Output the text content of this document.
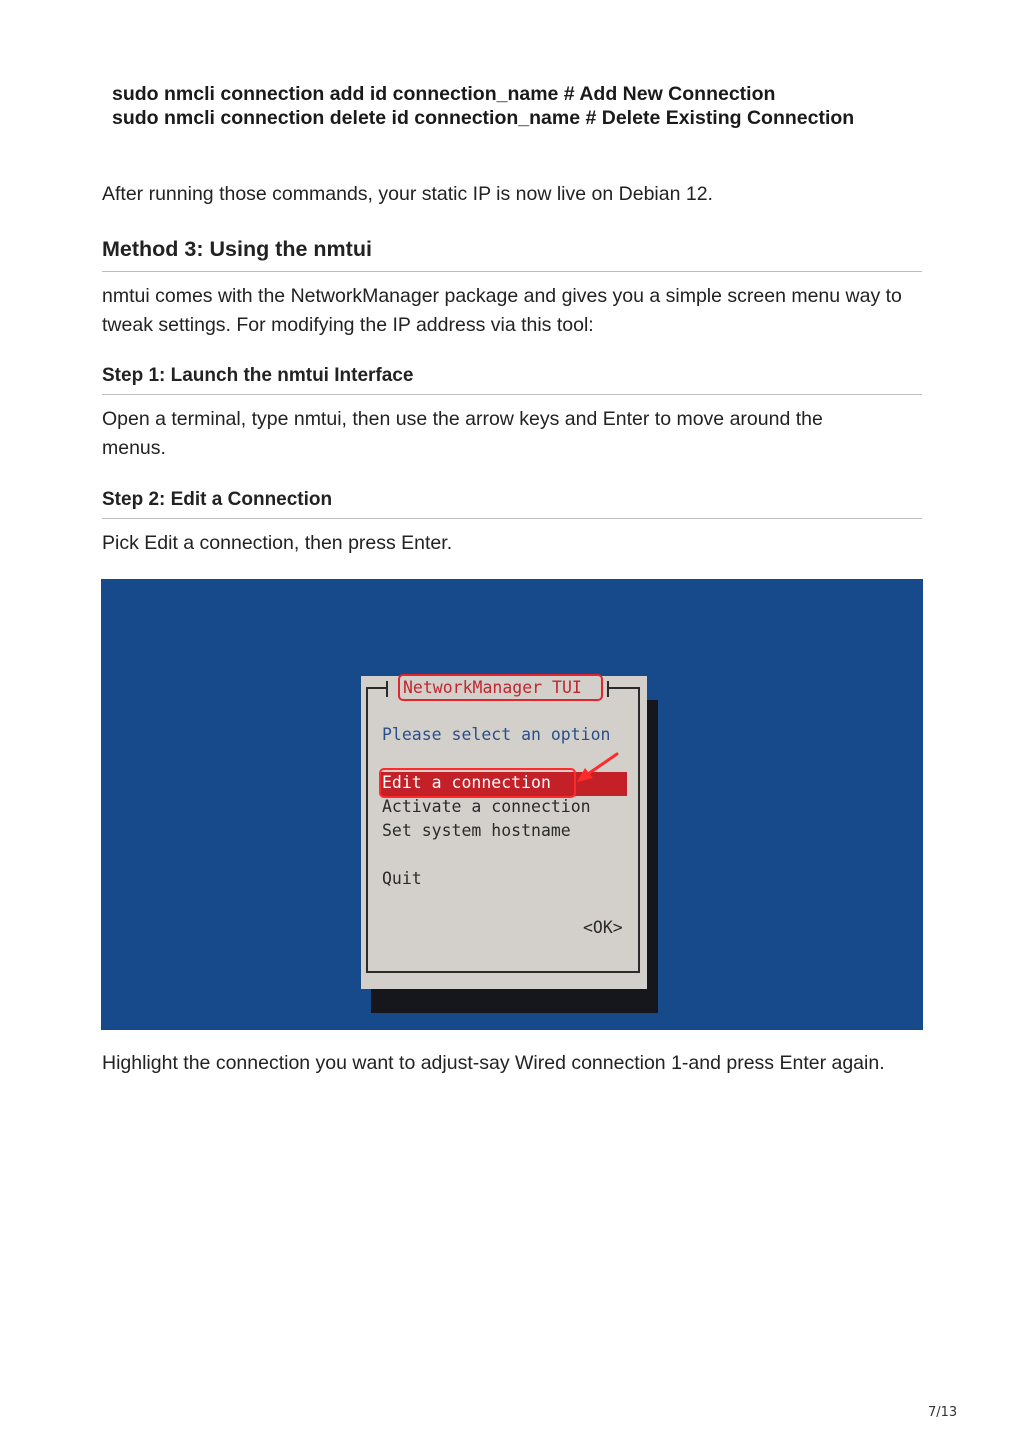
sudo nmcli connection add id connection_name # Add New Connection
sudo nmcli connection delete id connection_name # Delete Existing Connection

After running those commands, your static IP is now live on Debian 12.

Method 3: Using the nmtui

nmtui comes with the NetworkManager package and gives you a simple screen menu way to tweak settings. For modifying the IP address via this tool:

Step 1: Launch the nmtui Interface

Open a terminal, type nmtui, then use the arrow keys and Enter to move around the menus.

Step 2: Edit a Connection

Pick Edit a connection, then press Enter.

NetworkManager TUI
Please select an option
Edit a connection
Activate a connection
Set system hostname
Quit
<OK>

Highlight the connection you want to adjust-say Wired connection 1-and press Enter again.

7/13
